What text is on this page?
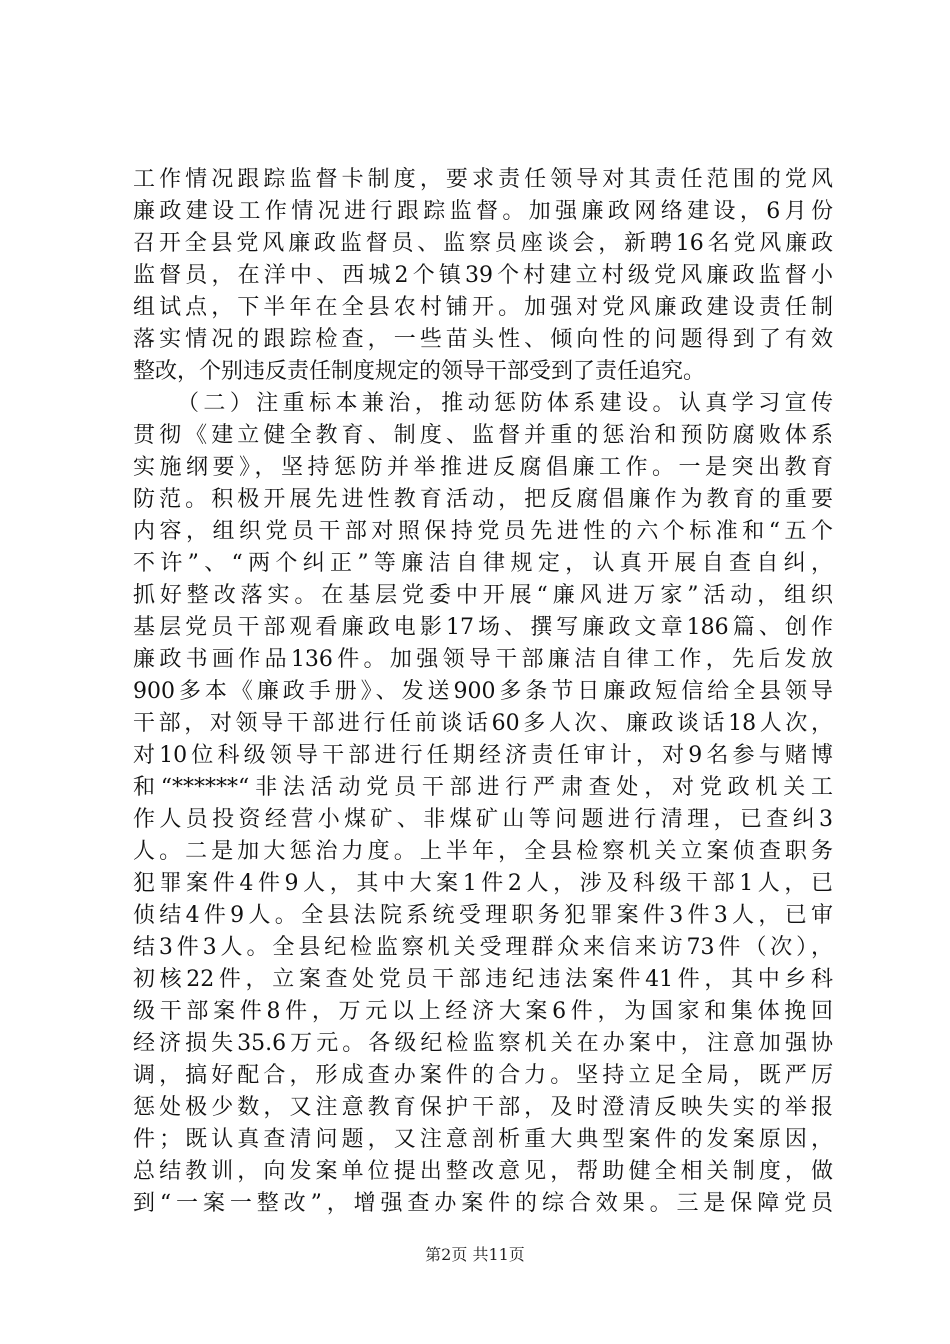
工作情况跟踪监督卡制度，要求责任领导对其责任范围的党风
廉政建设工作情况进行跟踪监督。加强廉政网络建设，6月份
召开全县党风廉政监督员、监察员座谈会，新聘16名党风廉政
监督员，在洋中、西城2个镇39个村建立村级党风廉政监督小
组试点，下半年在全县农村铺开。加强对党风廉政建设责任制
落实情况的跟踪检查，一些苗头性、倾向性的问题得到了有效
整改，个别违反责任制度规定的领导干部受到了责任追究。
（二）注重标本兼治，推动惩防体系建设。认真学习宣传
贯彻《建立健全教育、制度、监督并重的惩治和预防腐败体系
实施纲要》，坚持惩防并举推进反腐倡廉工作。一是突出教育
防范。积极开展先进性教育活动，把反腐倡廉作为教育的重要
内容，组织党员干部对照保持党员先进性的六个标准和“五个
不许”、“两个纠正”等廉洁自律规定，认真开展自查自纠，
抓好整改落实。在基层党委中开展“廉风进万家”活动，组织
基层党员干部观看廉政电影17场、撰写廉政文章186篇、创作
廉政书画作品136件。加强领导干部廉洁自律工作，先后发放
900多本《廉政手册》、发送900多条节日廉政短信给全县领导
干部，对领导干部进行任前谈话60多人次、廉政谈话18人次，
对10位科级领导干部进行任期经济责任审计，对9名参与赌博
和“******“非法活动党员干部进行严肃查处，对党政机关工
作人员投资经营小煤矿、非煤矿山等问题进行清理，已查纠3
人。二是加大惩治力度。上半年，全县检察机关立案侦查职务
犯罪案件4件9人，其中大案1件2人，涉及科级干部1人，已
侦结4件9人。全县法院系统受理职务犯罪案件3件3人，已审
结3件3人。全县纪检监察机关受理群众来信来访73件（次），
初核22件，立案查处党员干部违纪违法案件41件，其中乡科
级干部案件8件，万元以上经济大案6件，为国家和集体挽回
经济损失35.6万元。各级纪检监察机关在办案中，注意加强协
调，搞好配合，形成查办案件的合力。坚持立足全局，既严厉
惩处极少数，又注意教育保护干部，及时澄清反映失实的举报
件；既认真查清问题，又注意剖析重大典型案件的发案原因，
总结教训，向发案单位提出整改意见，帮助健全相关制度，做
到“一案一整改”，增强查办案件的综合效果。三是保障党员
第2页 共11页
